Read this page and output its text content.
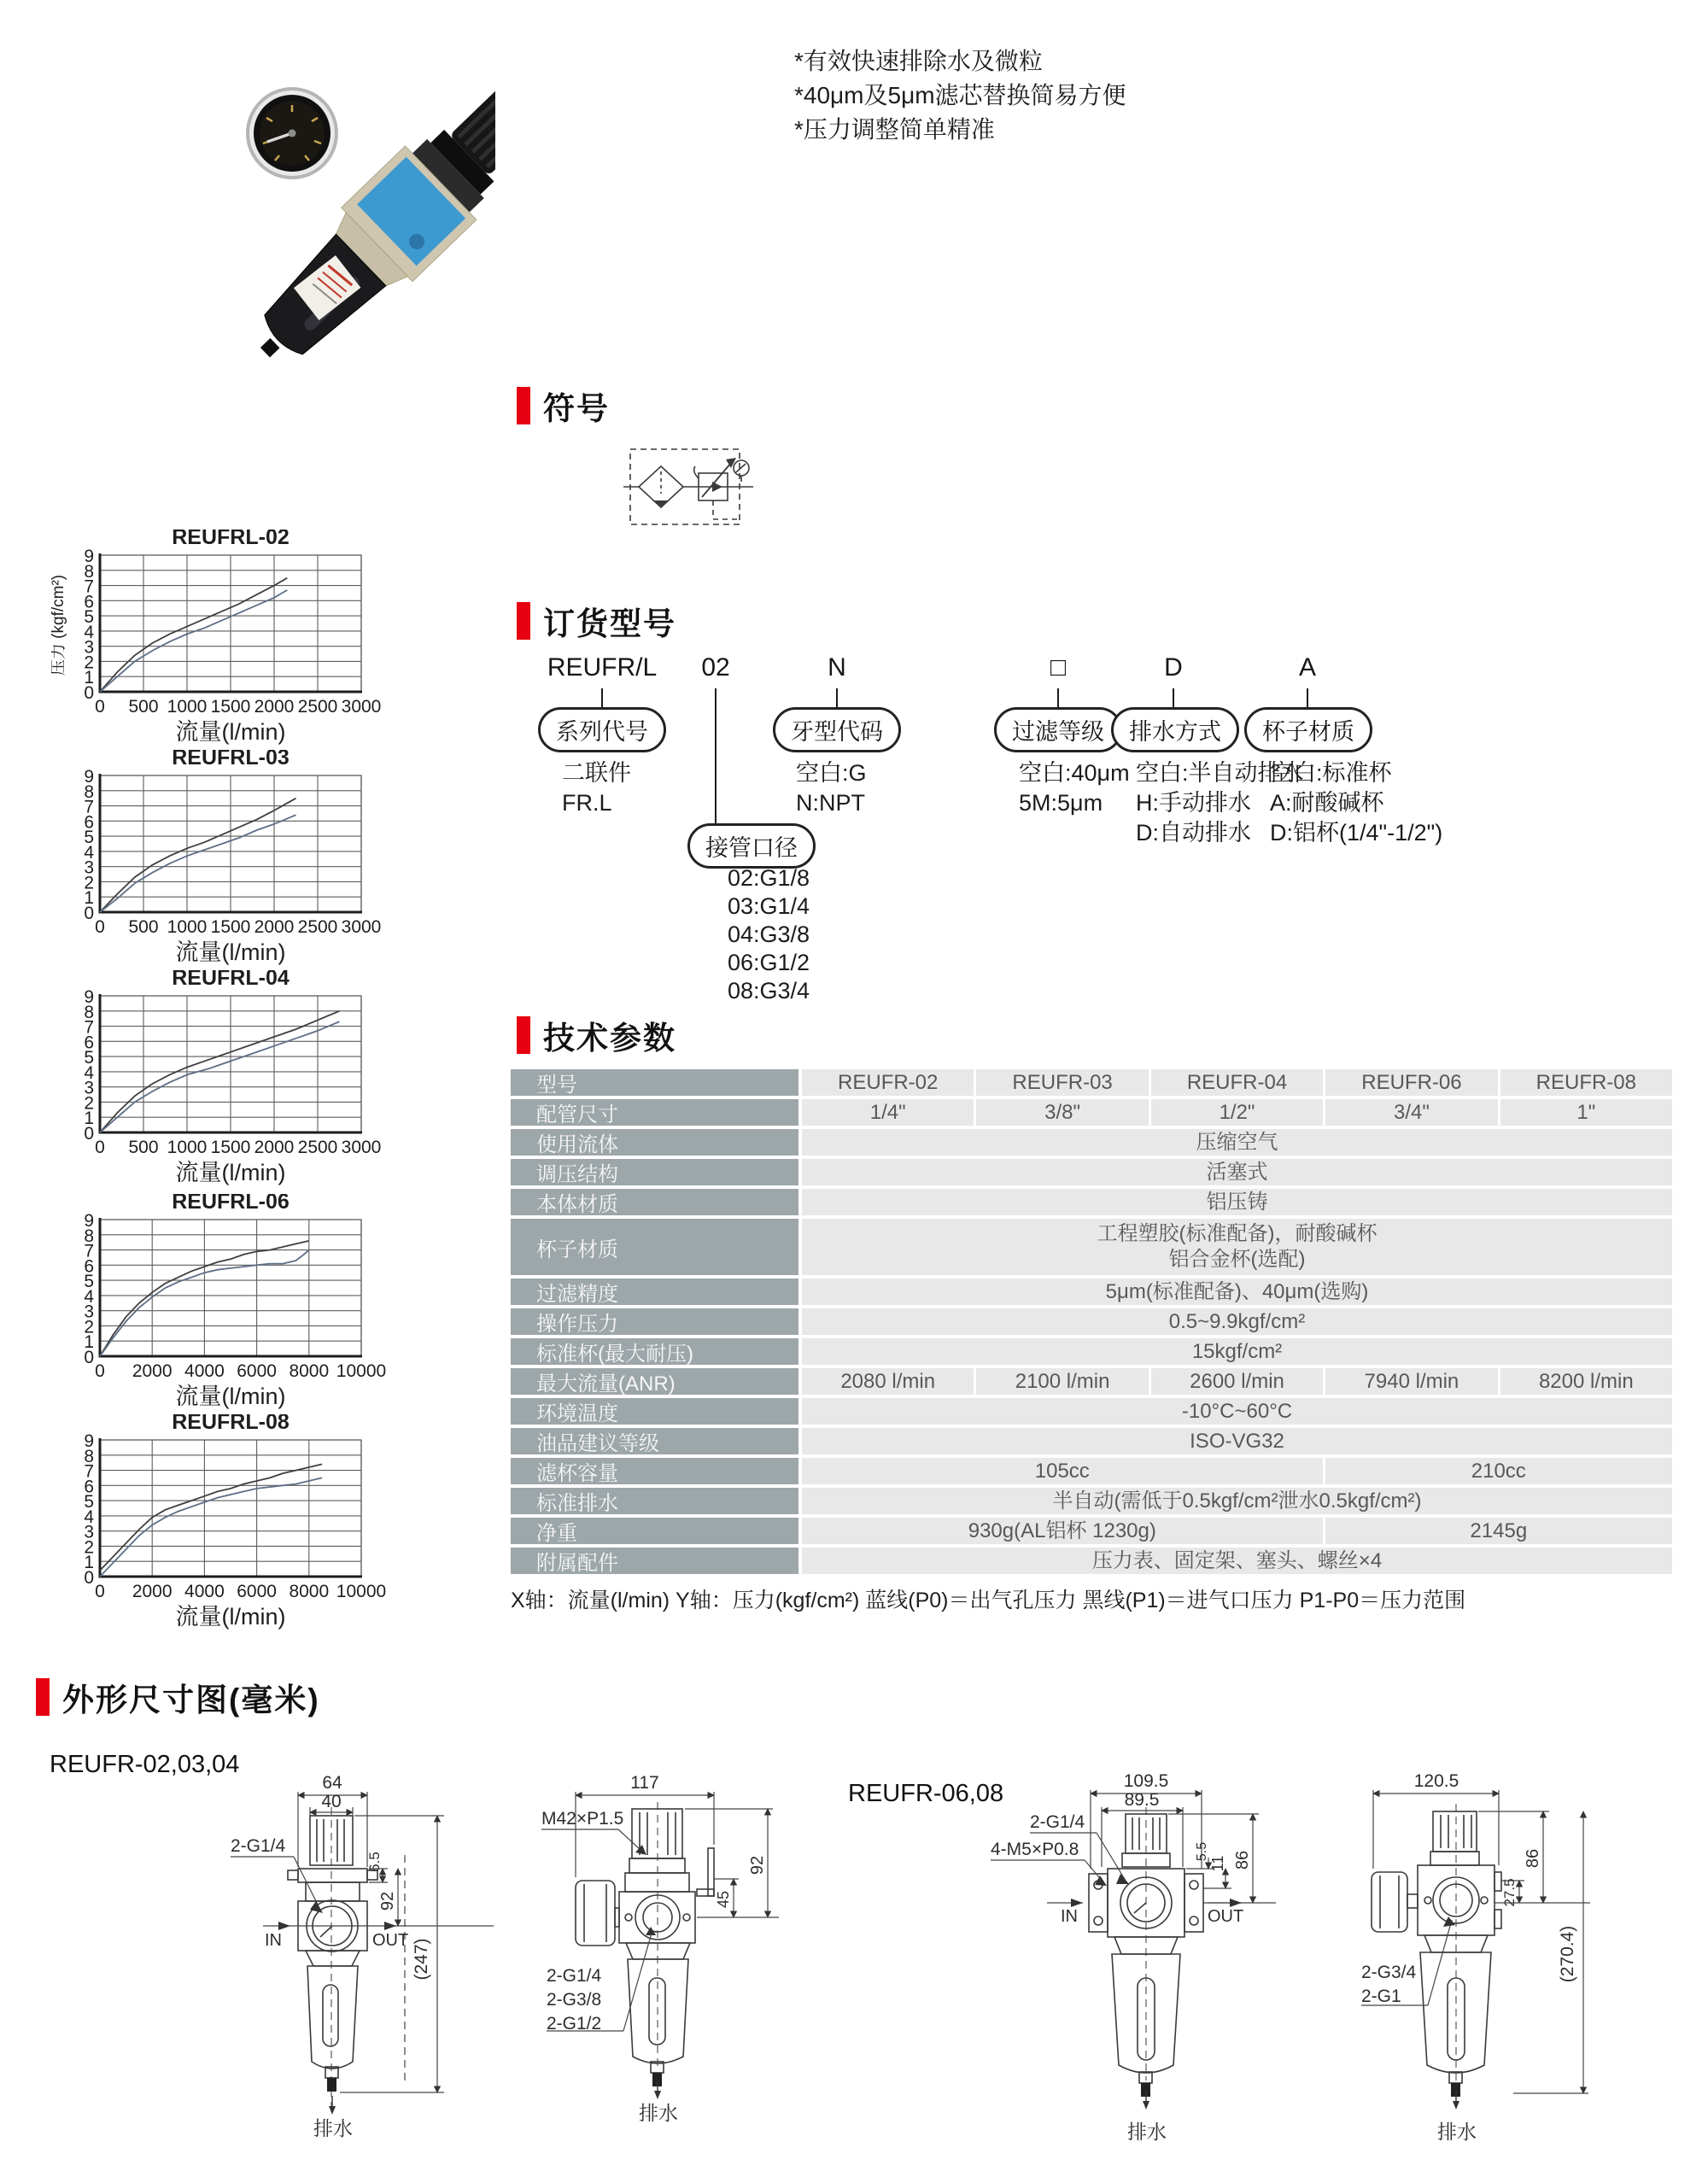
*有效快速排除水及微粒
*40μm及5μm滤芯替换简易方便
*压力调整简单精准
符号
0 500 1000 1500 2000 2500 3000
0
1
2
3
4
5
6
7
8
9
REUFRL-02
流量(l/min)
压力 (kgf/cm²)
0 500 1000 1500 2000 2500 3000
0
1
2
3
4
5
6
7
8
9
REUFRL-03
流量(l/min)
0 500 1000 1500 2000 2500 3000
0
1
2
3
4
5
6
7
8
9
REUFRL-04
流量(l/min)
0 2000 4000 6000 8000 10000
0
1
2
3
4
5
6
7
8
9
REUFRL-06
流量(l/min)
0 2000 4000 6000 8000 10000
0
1
2
3
4
5
6
7
8
9
REUFRL-08
流量(l/min)
订货型号
REUFR/L	02	N	□	D	A
系列代号	牙型代码	过滤等级	排水方式	杯子材质
接管口径
二联件
FR.L
空白:G
N:NPT
空白:40μm
5M:5μm
空白:半自动排水
H:手动排水
D:自动排水
空白:标准杯
A:耐酸碱杯
D:铝杯(1/4"-1/2")
02:G1/8
03:G1/4
04:G3/8
06:G1/2
08:G3/4
技术参数
型号	REUFR-02	REUFR-03	REUFR-04	REUFR-06	REUFR-08
配管尺寸	1/4"	3/8"	1/2"	3/4"	1"
使用流体	压缩空气
调压结构	活塞式
本体材质	铝压铸
杯子材质
工程塑胶(标准配备)，耐酸碱杯
铝合金杯(选配)
过滤精度	5μm(标准配备)、40μm(选购)
操作压力	0.5~9.9kgf/cm²
标准杯(最大耐压)	15kgf/cm²
最大流量(ANR)	2080 l/min	2100 l/min	2600 l/min	7940 l/min	8200 l/min
环境温度	-10°C~60°C
油品建议等级	ISO-VG32
滤杯容量	105cc	210cc
标准排水	半自动(需低于0.5kgf/cm²泄水0.5kgf/cm²)
净重	930g(AL铝杯 1230g)	2145g
附属配件	压力表、固定架、塞头、螺丝×4
X轴：流量(l/min) Y轴：压力(kgf/cm²) 蓝线(P0)＝出气孔压力 黑线(P1)＝进气口压力 P1-P0＝压力范围
外形尺寸图(毫米)
REUFR-02,03,04
REUFR-06,08
64
40
2-G1/4
6.5
92
(247)
IN	OUT
排水
117
M42×P1.5
92
45
2-G1/4
2-G3/8
2-G1/2
排水
109.5
89.5
2-G1/4
4-M5×P0.8	5.5
11 86
IN	OUT
排水
120.5
86
27.5
(270.4)
2-G3/4
2-G1
排水
